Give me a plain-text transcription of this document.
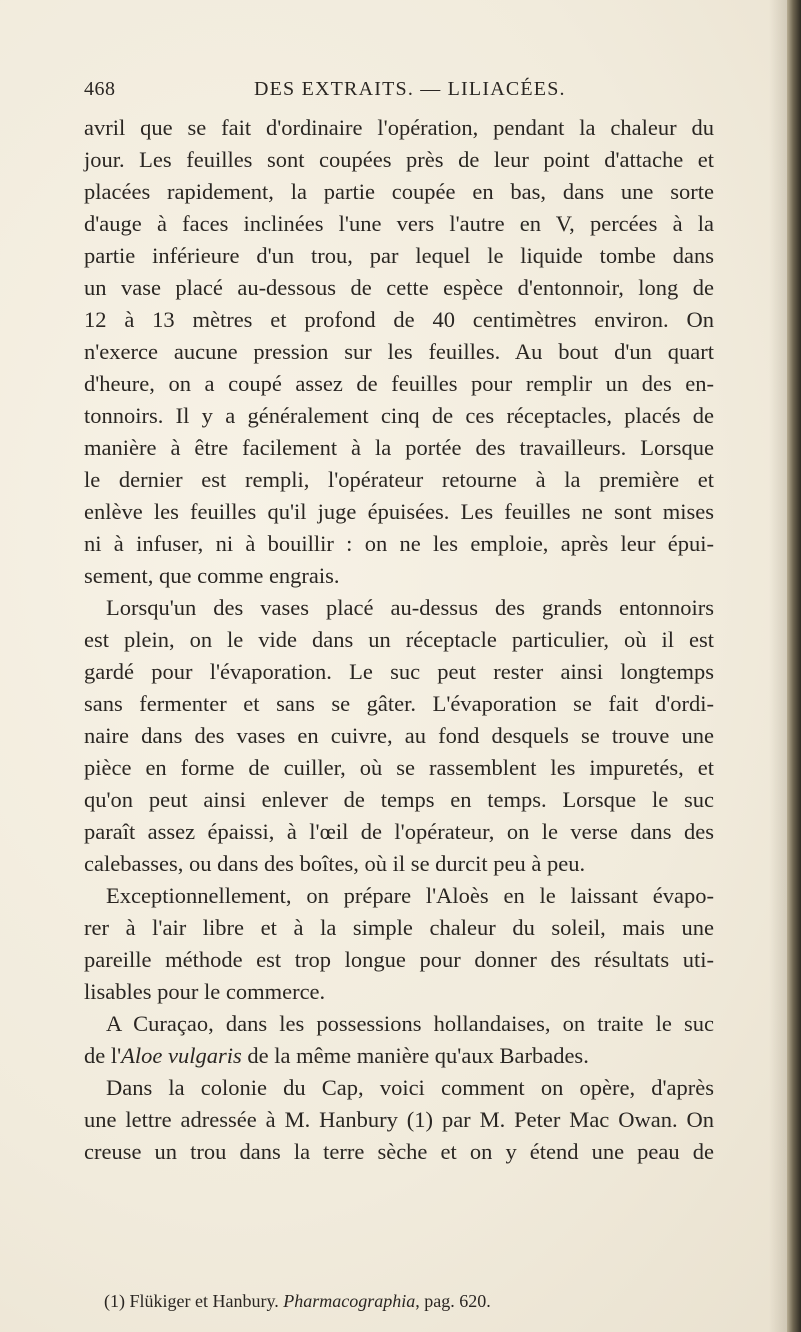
468	DES EXTRAITS. — LILIACÉES.
avril que se fait d'ordinaire l'opération, pendant la chaleur du
jour. Les feuilles sont coupées près de leur point d'attache et
placées rapidement, la partie coupée en bas, dans une sorte
d'auge à faces inclinées l'une vers l'autre en V, percées à la
partie inférieure d'un trou, par lequel le liquide tombe dans
un vase placé au-dessous de cette espèce d'entonnoir, long de
12 à 13 mètres et profond de 40 centimètres environ. On
n'exerce aucune pression sur les feuilles. Au bout d'un quart
d'heure, on a coupé assez de feuilles pour remplir un des en-
tonnoirs. Il y a généralement cinq de ces réceptacles, placés de
manière à être facilement à la portée des travailleurs. Lorsque
le dernier est rempli, l'opérateur retourne à la première et
enlève les feuilles qu'il juge épuisées. Les feuilles ne sont mises
ni à infuser, ni à bouillir : on ne les emploie, après leur épui-
sement, que comme engrais.
Lorsqu'un des vases placé au-dessus des grands entonnoirs
est plein, on le vide dans un réceptacle particulier, où il est
gardé pour l'évaporation. Le suc peut rester ainsi longtemps
sans fermenter et sans se gâter. L'évaporation se fait d'ordi-
naire dans des vases en cuivre, au fond desquels se trouve une
pièce en forme de cuiller, où se rassemblent les impuretés, et
qu'on peut ainsi enlever de temps en temps. Lorsque le suc
paraît assez épaissi, à l'œil de l'opérateur, on le verse dans des
calebasses, ou dans des boîtes, où il se durcit peu à peu.
Exceptionnellement, on prépare l'Aloès en le laissant évapo-
rer à l'air libre et à la simple chaleur du soleil, mais une
pareille méthode est trop longue pour donner des résultats uti-
lisables pour le commerce.
A Curaçao, dans les possessions hollandaises, on traite le suc
de l'Aloe vulgaris de la même manière qu'aux Barbades.
Dans la colonie du Cap, voici comment on opère, d'après
une lettre adressée à M. Hanbury (1) par M. Peter Mac Owan. On
creuse un trou dans la terre sèche et on y étend une peau de
(1) Flükiger et Hanbury. Pharmacographia, pag. 620.
